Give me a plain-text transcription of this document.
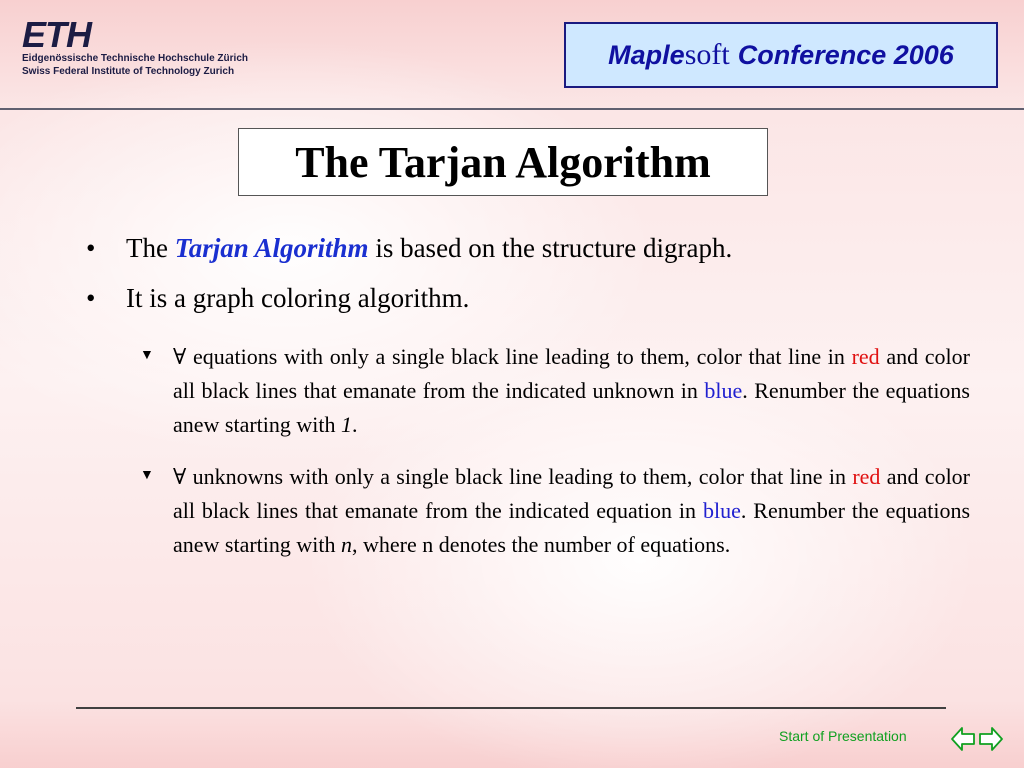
ETH
Eidgenössische Technische Hochschule Zürich
Swiss Federal Institute of Technology Zurich
Maple soft Conference 2006
The Tarjan Algorithm
•	The Tarjan Algorithm is based on the structure digraph.
•	It is a graph coloring algorithm.
▼ ∀ equations with only a single black line leading to them, color that line in red and color all black lines that emanate from the indicated unknown in blue. Renumber the equations anew starting with 1.
▼ ∀ unknowns with only a single black line leading to them, color that line in red and color all black lines that emanate from the indicated equation in blue. Renumber the equations anew starting with n, where n denotes the number of equations.
Start of Presentation
